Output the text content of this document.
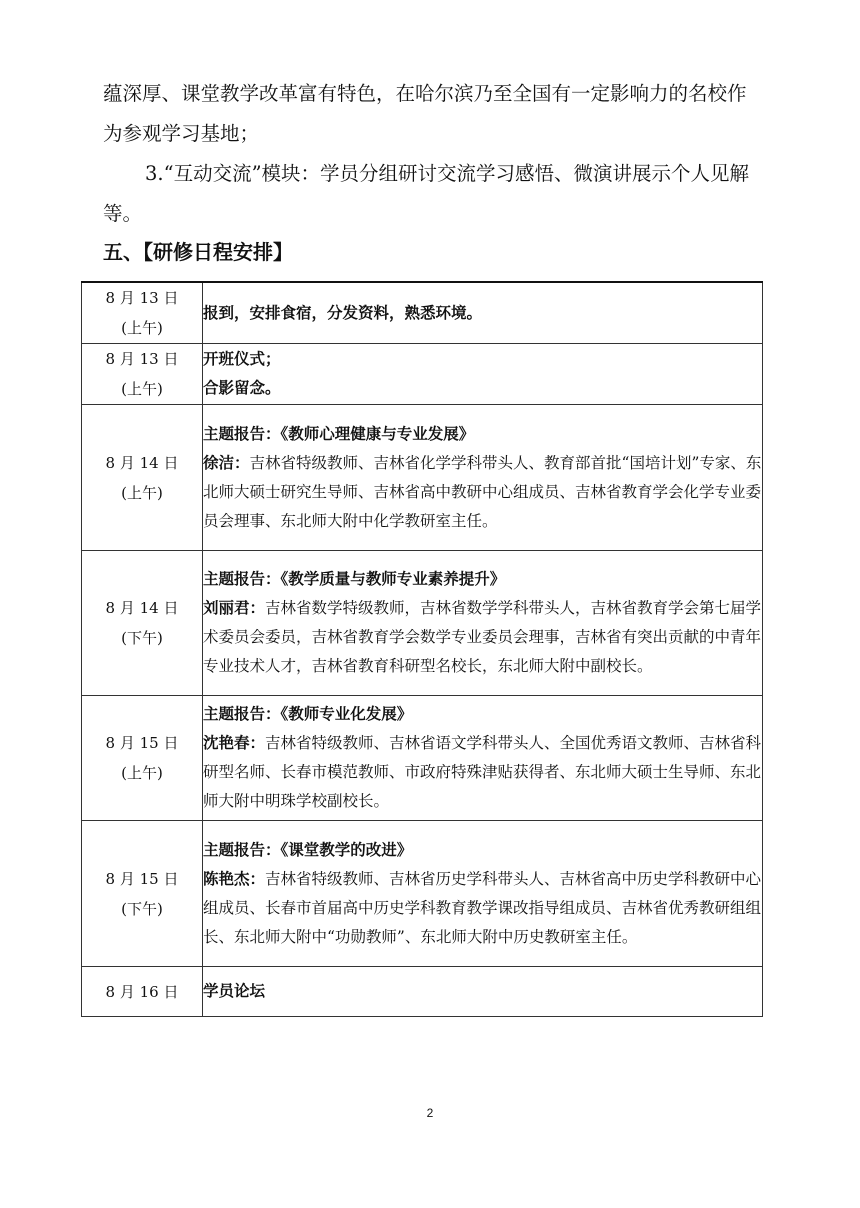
蕴深厚、课堂教学改革富有特色，在哈尔滨乃至全国有一定影响力的名校作为参观学习基地；

3.“互动交流”模块：学员分组研讨交流学习感悟、微演讲展示个人见解等。

五、【研修日程安排】
8 月 13 日
(上午)	报到，安排食宿，分发资料，熟悉环境。

8 月 13 日
(上午)	开班仪式；
合影留念。

8 月 14 日
(上午)	主题报告：《教师心理健康与专业发展》
徐洁：吉林省特级教师、吉林省化学学科带头人、教育部首批“国培计划”专家、东北师大硕士研究生导师、吉林省高中教研中心组成员、吉林省教育学会化学专业委员会理事、东北师大附中化学教研室主任。

8 月 14 日
(下午)	主题报告：《教学质量与教师专业素养提升》
刘丽君：吉林省数学特级教师，吉林省数学学科带头人，吉林省教育学会第七届学术委员会委员，吉林省教育学会数学专业委员会理事，吉林省有突出贡献的中青年专业技术人才，吉林省教育科研型名校长，东北师大附中副校长。

8 月 15 日
(上午)	主题报告：《教师专业化发展》
沈艳春：吉林省特级教师、吉林省语文学科带头人、全国优秀语文教师、吉林省科研型名师、长春市模范教师、市政府特殊津贴获得者、东北师大硕士生导师、东北师大附中明珠学校副校长。

8 月 15 日
(下午)	主题报告：《课堂教学的改进》
陈艳杰：吉林省特级教师、吉林省历史学科带头人、吉林省高中历史学科教研中心组成员、长春市首届高中历史学科教育教学课改指导组成员、吉林省优秀教研组组长、东北师大附中“功勋教师”、东北师大附中历史教研室主任。

8 月 16 日	学员论坛
2
